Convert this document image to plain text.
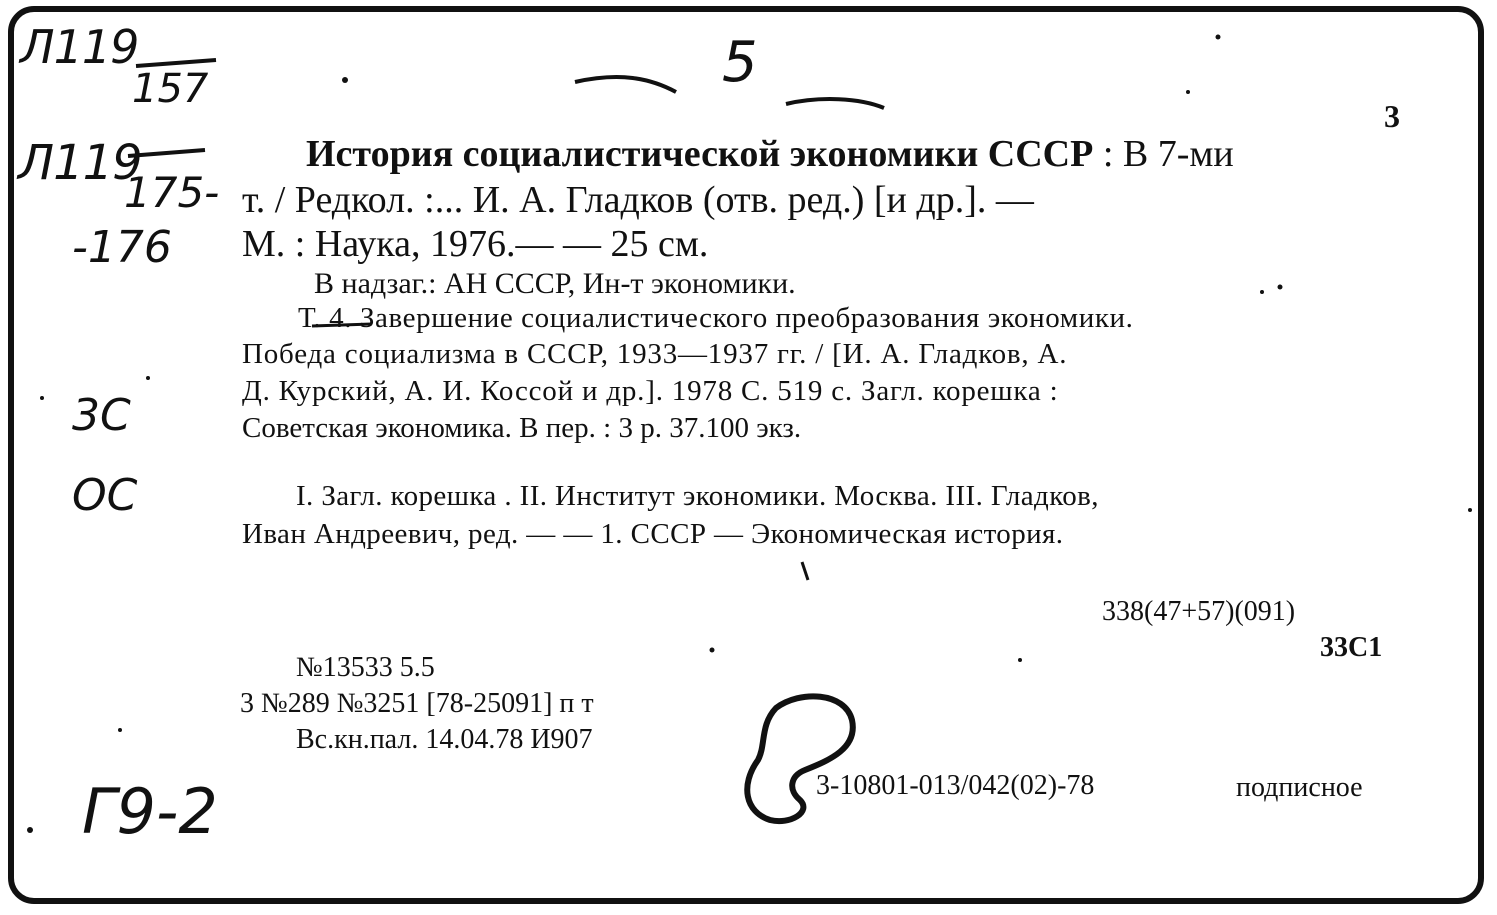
Л119
157
Л119
175-
-176
5
3С
ОС
Г9-2
3
История социалистической экономики СССР : В 7-ми
т. / Редкол. :... И. А. Гладков (отв. ред.) [и др.]. —
М. : Наука, 1976.— — 25 см.
В надзаг.: АН СССР, Ин-т экономики.
Т. 4. Завершение социалистического преобразования экономики.
Победа социализма в СССР, 1933—1937 гг. / [И. А. Гладков, А.
Д. Курский, А. И. Коссой и др.]. 1978 С. 519 с. Загл. корешка :
Советская экономика. В пер. : 3 р. 37.100 экз.
I. Загл. корешка . II. Институт экономики. Москва. III. Гладков,
Иван Андреевич, ред. — — 1. СССР — Экономическая история.
338(47+57)(091)
33С1
№13533 5.5
3 №289 №3251 [78-25091] п т
Вс.кн.пал. 14.04.78 И907
3-10801-013/042(02)-78	подписное
